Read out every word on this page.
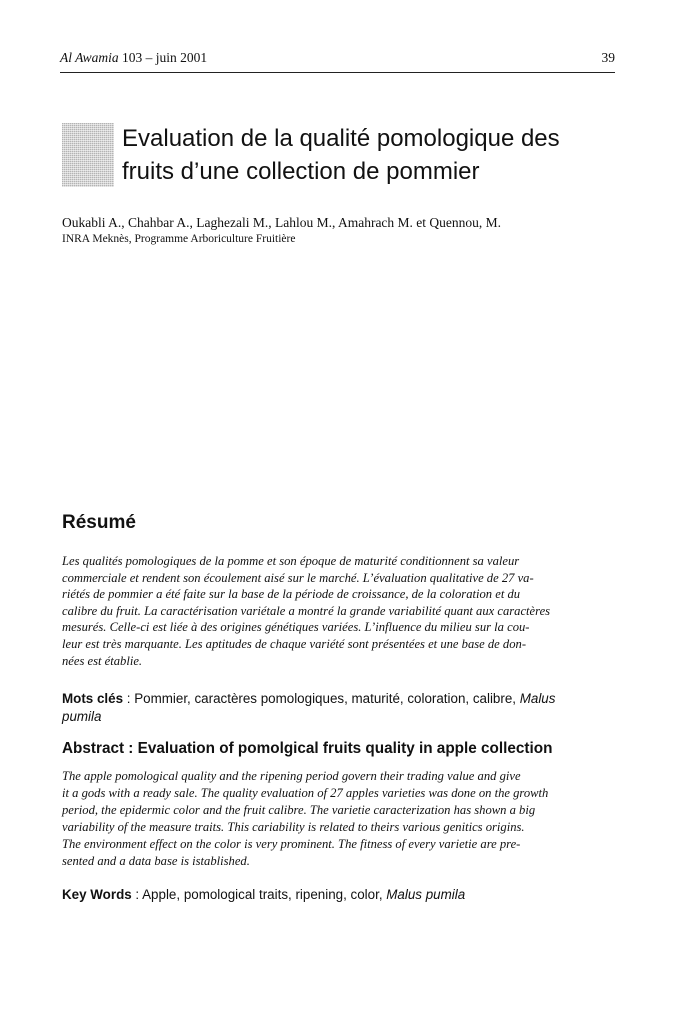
Al Awamia 103 – juin 2001	39
Evaluation de la qualité pomologique des
fruits d’une collection de pommier
Oukabli A., Chahbar A., Laghezali M., Lahlou M., Amahrach M. et Quennou, M.
INRA Meknès, Programme Arboriculture Fruitière
Résumé
Les qualités pomologiques de la pomme et son époque de maturité conditionnent sa valeur
commerciale et rendent son écoulement aisé sur le marché. L’évaluation qualitative de 27 va-
riétés de pommier a été faite sur la base de la période de croissance, de la coloration et du
calibre du fruit. La caractérisation variétale a montré la grande variabilité quant aux caractères
mesurés. Celle-ci est liée à des origines génétiques variées. L’influence du milieu sur la cou-
leur est très marquante. Les aptitudes de chaque variété sont présentées et une base de don-
nées est établie.
Mots clés : Pommier, caractères pomologiques, maturité, coloration, calibre, Malus
pumila
Abstract : Evaluation of pomolgical fruits quality in apple collection
The apple pomological quality and the ripening period govern their trading value and give
it a gods with a ready sale. The quality evaluation of 27 apples varieties was done on the growth
period, the epidermic color and the fruit calibre. The varietie caracterization has shown a big
variability of the measure traits. This cariability is related to theirs various genitics origins.
The environment effect on the color is very prominent. The fitness of every varietie are pre-
sented and a data base is istablished.
Key Words : Apple, pomological traits, ripening, color, Malus pumila
